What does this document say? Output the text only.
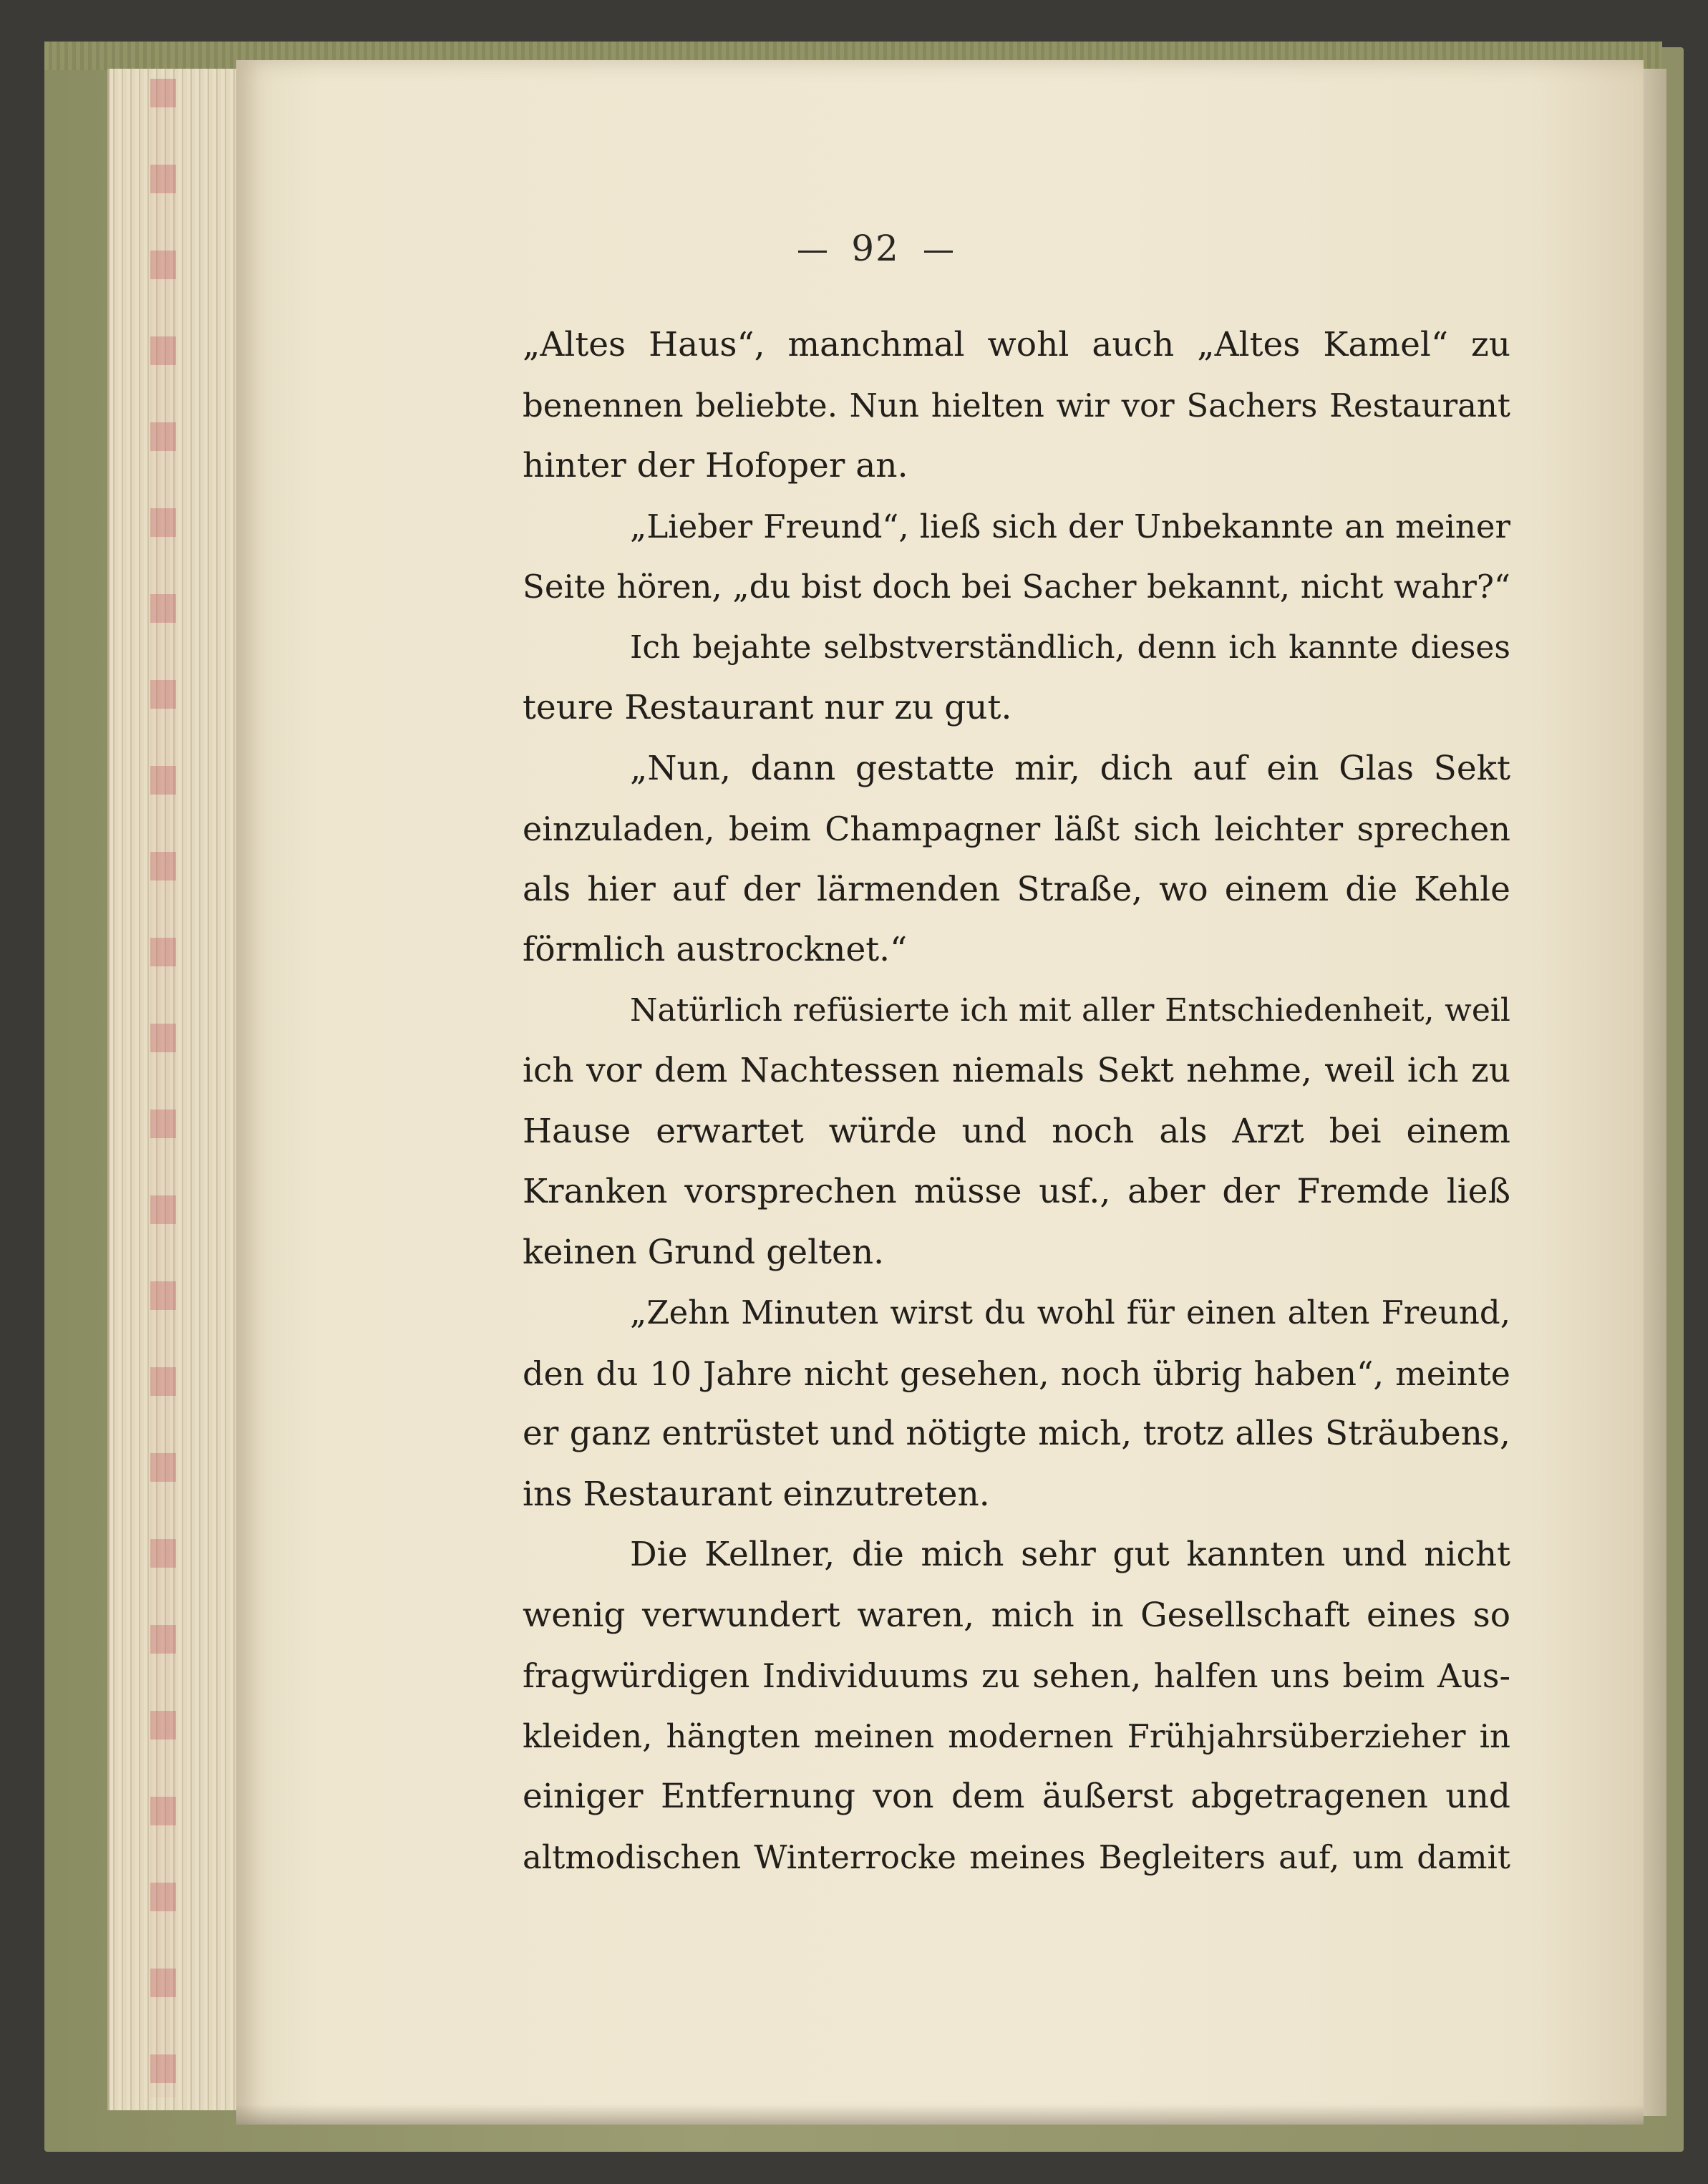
92
„Altes Haus“, manchmal wohl auch „Altes Kamel“ zu
benennen beliebte. Nun hielten wir vor Sachers Restaurant
hinter der Hofoper an.
„Lieber Freund“, ließ sich der Unbekannte an meiner
Seite hören, „du bist doch bei Sacher bekannt, nicht wahr?“
Ich bejahte selbstverständlich, denn ich kannte dieses
teure Restaurant nur zu gut.
„Nun, dann gestatte mir, dich auf ein Glas Sekt
einzuladen, beim Champagner läßt sich leichter sprechen
als hier auf der lärmenden Straße, wo einem die Kehle
förmlich austrocknet.“
Natürlich refüsierte ich mit aller Entschiedenheit, weil
ich vor dem Nachtessen niemals Sekt nehme, weil ich zu
Hause erwartet würde und noch als Arzt bei einem
Kranken vorsprechen müsse usf., aber der Fremde ließ
keinen Grund gelten.
„Zehn Minuten wirst du wohl für einen alten Freund,
den du 10 Jahre nicht gesehen, noch übrig haben“, meinte
er ganz entrüstet und nötigte mich, trotz alles Sträubens,
ins Restaurant einzutreten.
Die Kellner, die mich sehr gut kannten und nicht
wenig verwundert waren, mich in Gesellschaft eines so
fragwürdigen Individuums zu sehen, halfen uns beim Aus-
kleiden, hängten meinen modernen Frühjahrsüberzieher in
einiger Entfernung von dem äußerst abgetragenen und
altmodischen Winterrocke meines Begleiters auf, um damit
